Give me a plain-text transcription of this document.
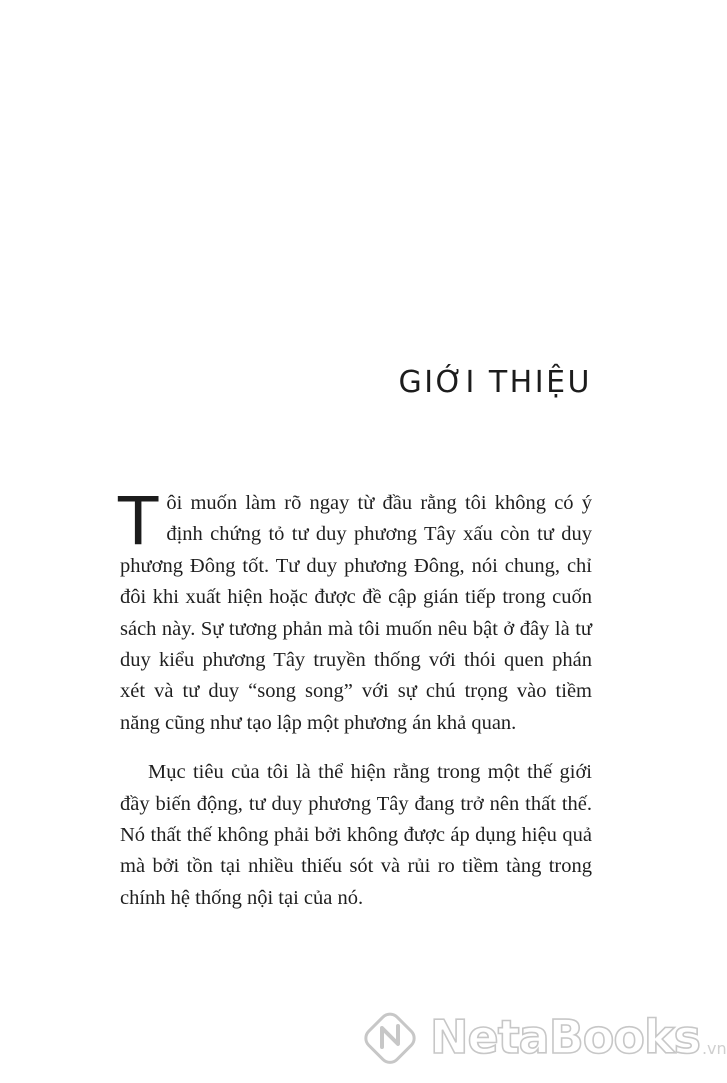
GIỚI THIỆU

Tôi muốn làm rõ ngay từ đầu rằng tôi không có ý định chứng tỏ tư duy phương Tây xấu còn tư duy phương Đông tốt. Tư duy phương Đông, nói chung, chỉ đôi khi xuất hiện hoặc được đề cập gián tiếp trong cuốn sách này. Sự tương phản mà tôi muốn nêu bật ở đây là tư duy kiểu phương Tây truyền thống với thói quen phán xét và tư duy “song song” với sự chú trọng vào tiềm năng cũng như tạo lập một phương án khả quan.

Mục tiêu của tôi là thể hiện rằng trong một thế giới đầy biến động, tư duy phương Tây đang trở nên thất thế. Nó thất thế không phải bởi không được áp dụng hiệu quả mà bởi tồn tại nhiều thiếu sót và rủi ro tiềm tàng trong chính hệ thống nội tại của nó.

NetaBooks .vn
